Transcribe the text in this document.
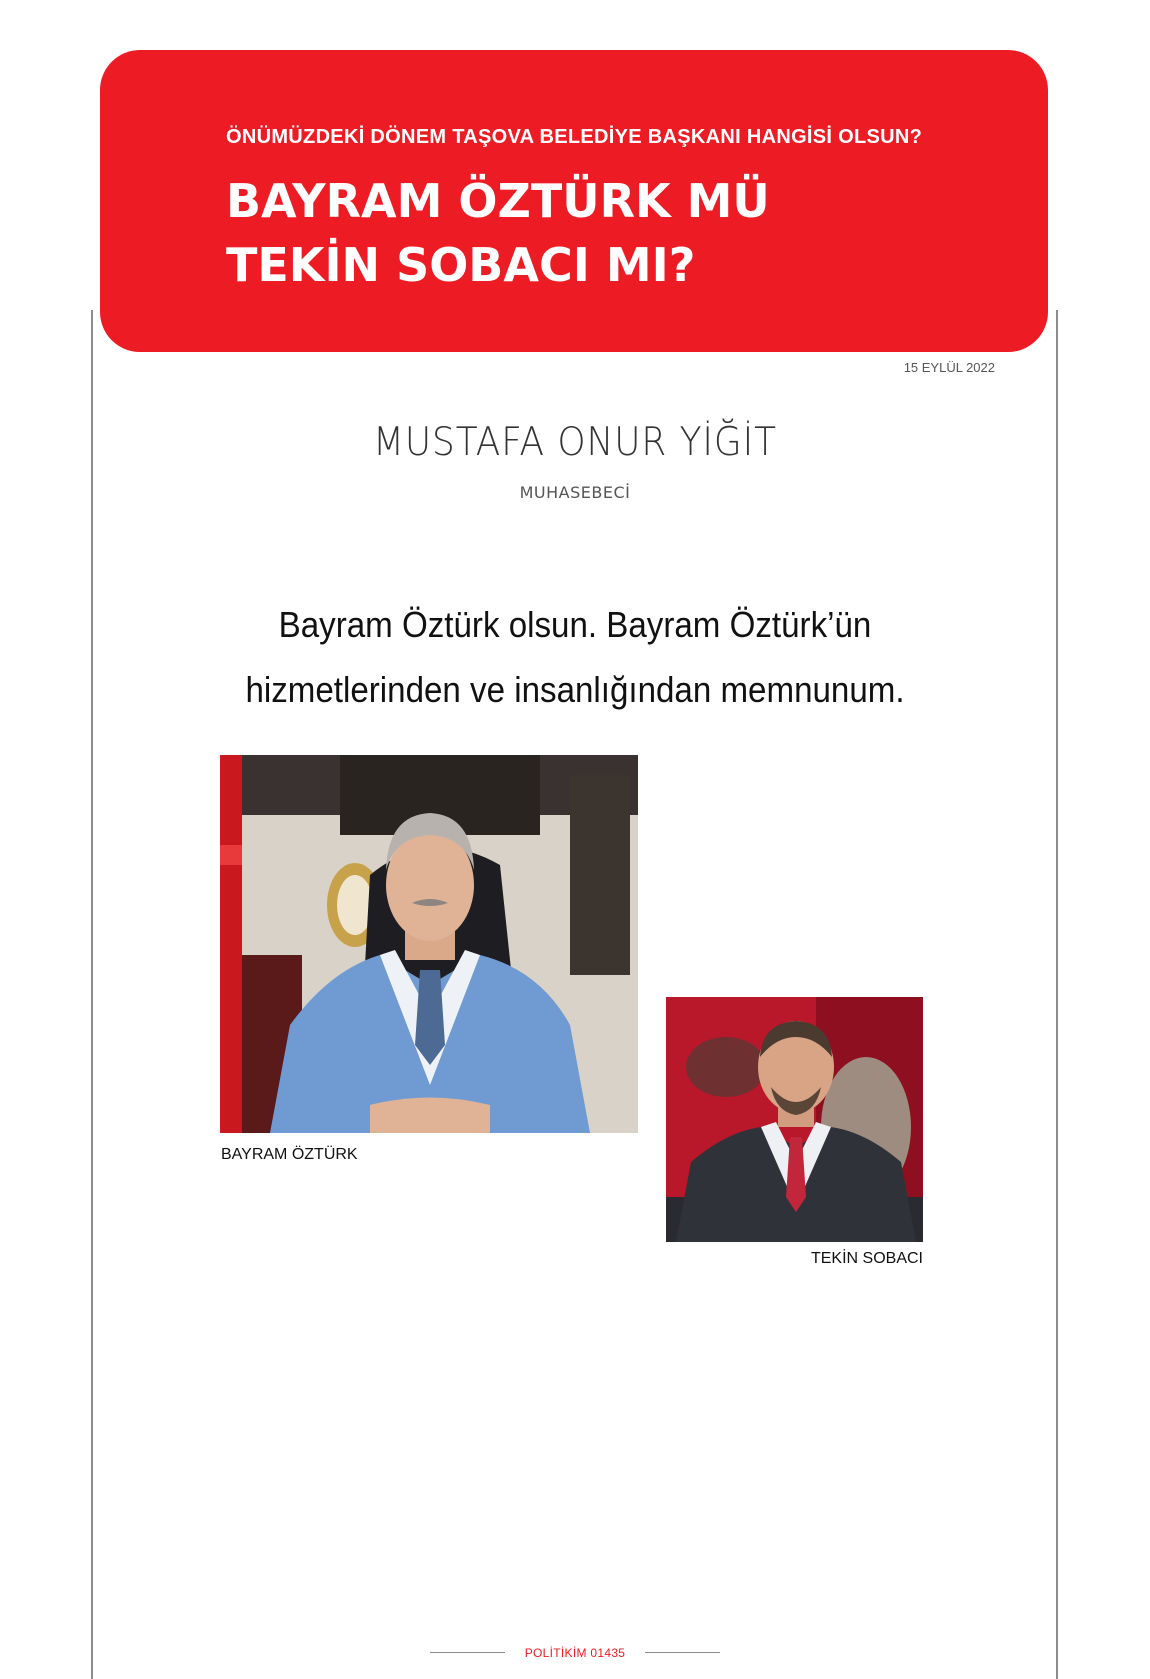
ÖNÜMÜZDEKİ DÖNEM TAŞOVA BELEDİYE BAŞKANI HANGİSİ OLSUN?
BAYRAM ÖZTÜRK MÜ
TEKİN SOBACI MI?
15 EYLÜL 2022
MUSTAFA ONUR YİĞİT
MUHASEBECİ
Bayram Öztürk olsun. Bayram Öztürk’ün
hizmetlerinden ve insanlığından memnunum.
BAYRAM ÖZTÜRK
TEKİN SOBACI
POLİTİKİM 01435
